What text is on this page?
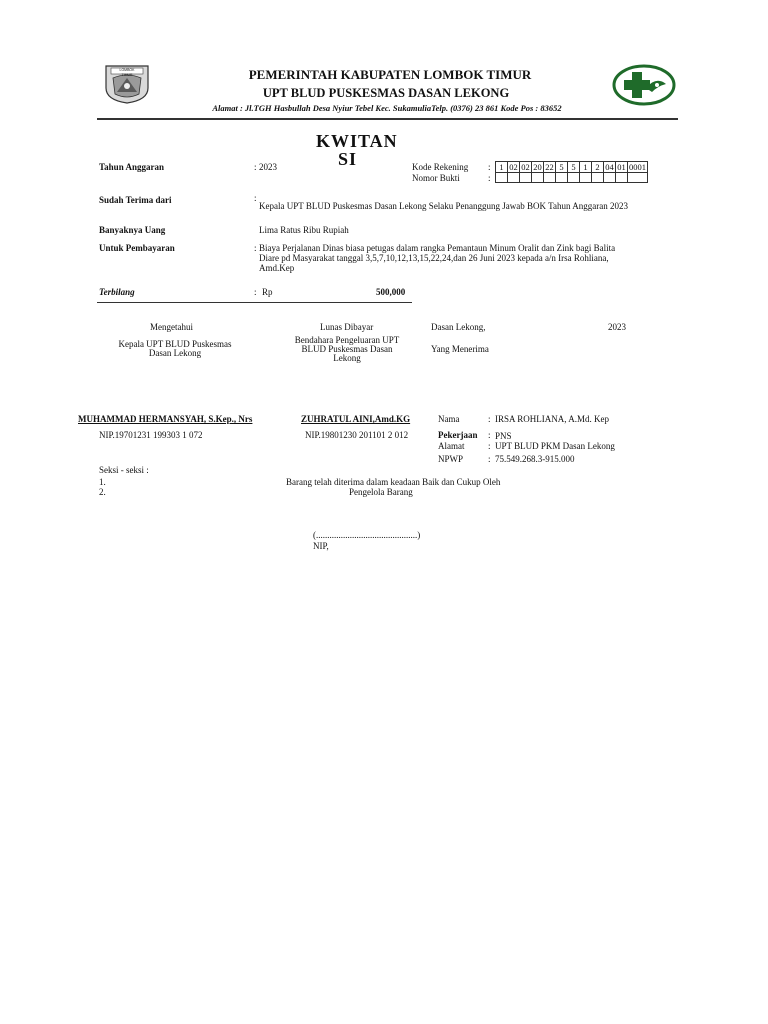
LOMBOK TIMUR	PEMERINTAH KABUPATEN LOMBOK TIMUR
UPT BLUD PUSKESMAS DASAN LEKONG
Alamat : Jl.TGH Hasbullah Desa Nyiur Tebel Kec. SukamuliaTelp. (0376) 23 861 Kode Pos : 83652
KWITAN
SI
Tahun Anggaran	: 2023	Kode Rekening : 1	02	02	20	22	5	5	1	2	04	01	0001

Nomor Bukti	:
Sudah Terima dari	:
Kepala UPT BLUD Puskesmas Dasan Lekong Selaku Penanggung Jawab BOK Tahun Anggaran 2023
Banyaknya Uang	Lima Ratus Ribu Rupiah
Untuk Pembayaran	: Biaya Perjalanan Dinas biasa petugas dalam rangka Pemantaun Minum Oralit dan Zink bagi Balita
Diare pd Masyarakat tanggal 3,5,7,10,12,13,15,22,24,dan 26 Juni 2023 kepada a/n Irsa Rohliana,
Amd.Kep
Terbilang	: Rp	500,000
Mengetahui
Kepala UPT BLUD Puskesmas
Dasan Lekong
Lunas Dibayar
Bendahara Pengeluaran UPT
BLUD Puskesmas Dasan
Lekong
Dasan Lekong,	2023
Yang Menerima
MUHAMMAD HERMANSYAH, S.Kep., Nrs
NIP.19701231 199303 1 072
ZUHRATUL AINI,Amd.KG
NIP.19801230 201101 2 012
Nama	: IRSA ROHLIANA, A.Md. Kep
Pekerjaan : PNS
Alamat	: UPT BLUD PKM Dasan Lekong
NPWP	: 75.549.268.3-915.000
Seksi - seksi :
1.
2.
Barang telah diterima dalam keadaan Baik dan Cukup Oleh
Pengelola Barang
(.............................................)
NIP,
